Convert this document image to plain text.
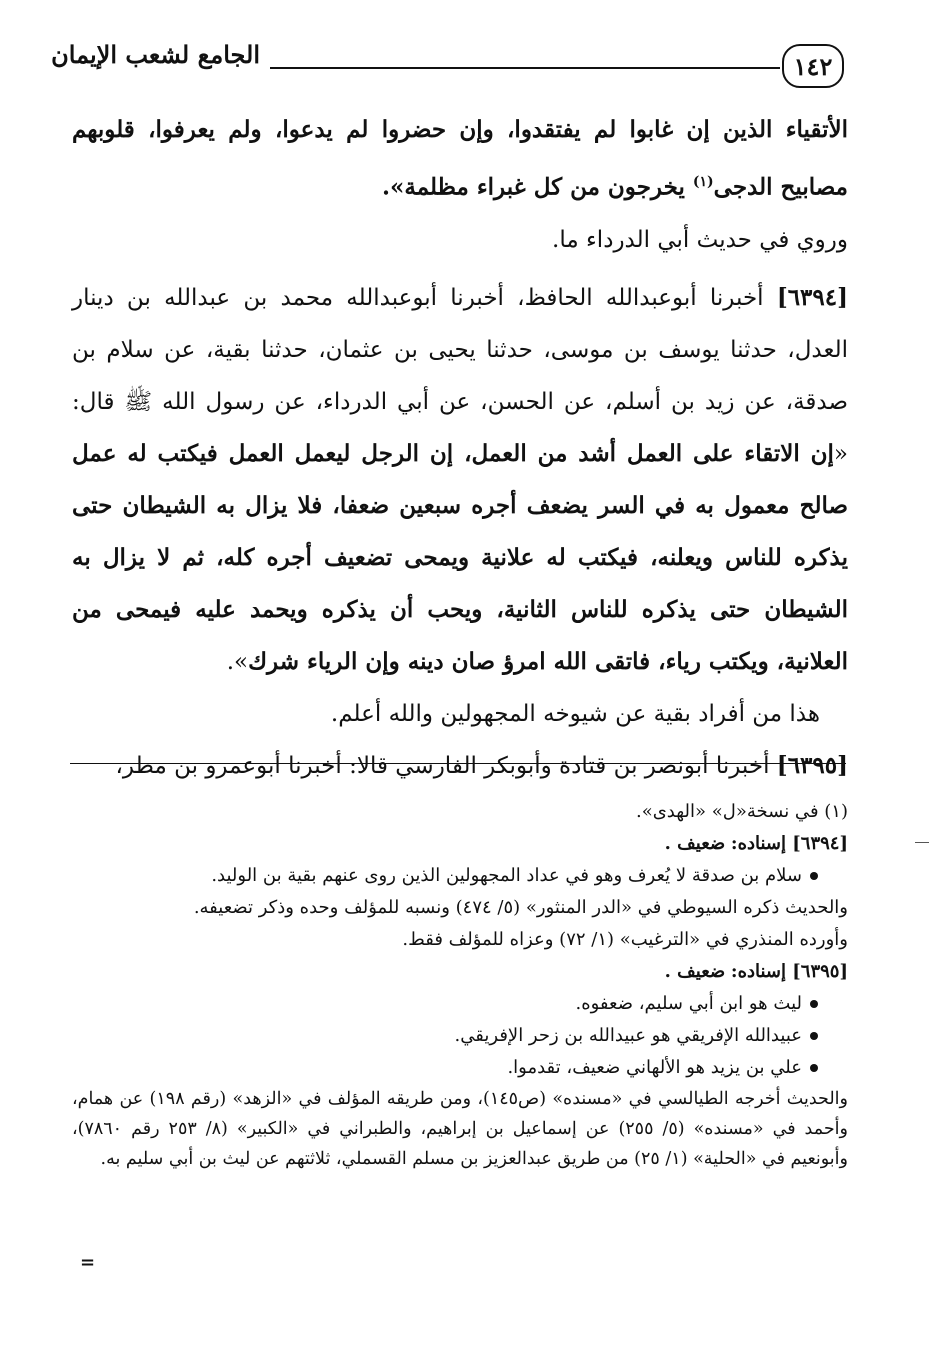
الجامع لشعب الإيمان	١٤٢

الأتقياء الذين إن غابوا لم يفتقدوا، وإن حضروا لم يدعوا، ولم يعرفوا، قلوبهم مصابيح الدجى$^{(١)}$ يخرجون من كل غبراء مظلمة».

وروي في حديث أبي الدرداء ما.

[٦٣٩٤] أخبرنا أبوعبدالله الحافظ، أخبرنا أبوعبدالله محمد بن عبدالله بن دينار العدل، حدثنا يوسف بن موسى، حدثنا يحيى بن عثمان، حدثنا بقية، عن سلام بن صدقة، عن زيد بن أسلم، عن الحسن، عن أبي الدرداء، عن رسول الله ﷺ قال: «إن الاتقاء على العمل أشد من العمل، إن الرجل ليعمل العمل فيكتب له عمل صالح معمول به في السر يضعف أجره سبعين ضعفا، فلا يزال به الشيطان حتى يذكره للناس ويعلنه، فيكتب له علانية ويمحى تضعيف أجره كله، ثم لا يزال به الشيطان حتى يذكره للناس الثانية، ويحب أن يذكره ويحمد عليه فيمحى من العلانية، ويكتب رياء، فاتقى الله امرؤ صان دينه وإن الرياء شرك».

هذا من أفراد بقية عن شيوخه المجهولين والله أعلم.

[٦٣٩٥] أخبرنا أبونصر بن قتادة وأبوبكر الفارسي قالا: أخبرنا أبوعمرو بن مطر،

(١) في نسخة«ل» «الهدى».

[٦٣٩٤] إسناده: ضعيف .

سلام بن صدقة لا يُعرف وهو في عداد المجهولين الذين روى عنهم بقية بن الوليد.

والحديث ذكره السيوطي في «الدر المنثور» (٥/ ٤٧٤) ونسبه للمؤلف وحده وذكر تضعيفه.

وأورده المنذري في «الترغيب» (١/ ٧٢) وعزاه للمؤلف فقط.

[٦٣٩٥] إسناده: ضعيف .

ليث هو ابن أبي سليم، ضعفوه.

عبيدالله الإفريقي هو عبيدالله بن زحر الإفريقي.

علي بن يزيد هو الألهاني ضعيف، تقدموا.

والحديث أخرجه الطيالسي في «مسنده» (ص١٤٥)، ومن طريقه المؤلف في «الزهد» (رقم ١٩٨) عن همام، وأحمد في «مسنده» (٥/ ٢٥٥) عن إسماعيل بن إبراهيم، والطبراني في «الكبير» (٨/ ٢٥٣ رقم ٧٨٦٠)، وأبونعيم في «الحلية» (١/ ٢٥) من طريق عبدالعزيز بن مسلم القسملي، ثلاثتهم عن ليث بن أبي سليم به.

=
